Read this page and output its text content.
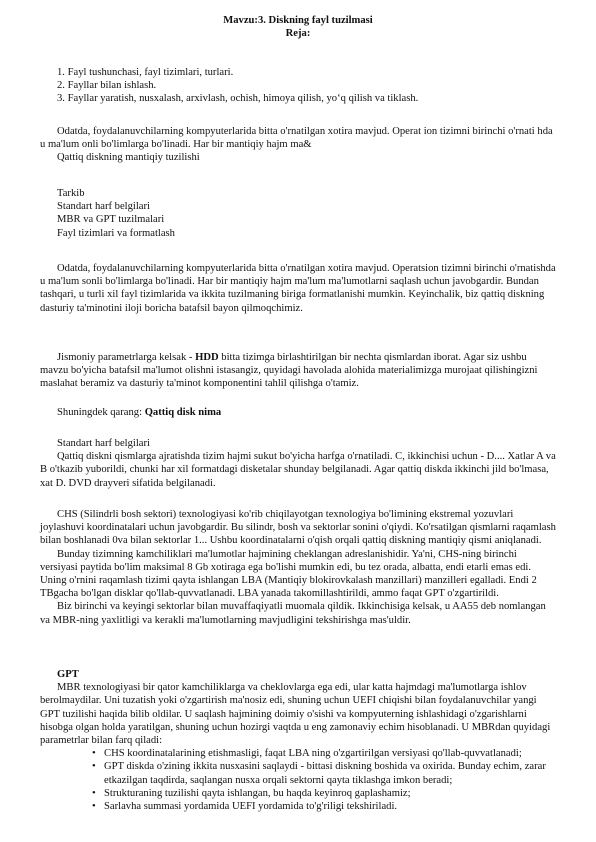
Mavzu:3. Diskning fayl tuzilmasi
Reja:

1. Fayl tushunchasi, fayl tizimlari, turlari.

2. Fayllar bilan ishlash.

3. Fayllar yaratish, nusxalash, arxivlash, ochish, himoya qilish, yo‘q qilish va tiklash.

Odatda, foydalanuvchilarning kompyuterlarida bitta o'rnatilgan xotira mavjud. Operat ion tizimni birinchi o'rnati hda u ma'lum onli bo'limlarga bo'linadi. Har bir mantiqiy hajm ma&

Qattiq diskning mantiqiy tuzilishi

Tarkib

Standart harf belgilari

MBR va GPT tuzilmalari

Fayl tizimlari va formatlash

Odatda, foydalanuvchilarning kompyuterlarida bitta o'rnatilgan xotira mavjud. Operatsion tizimni birinchi o'rnatishda u ma'lum sonli bo'limlarga bo'linadi. Har bir mantiqiy hajm ma'lum ma'lumotlarni saqlash uchun javobgardir. Bundan tashqari, u turli xil fayl tizimlarida va ikkita tuzilmaning biriga formatlanishi mumkin. Keyinchalik, biz qattiq diskning dasturiy ta'minotini iloji boricha batafsil bayon qilmoqchimiz.
Jismoniy parametrlarga kelsak - HDD bitta tizimga birlashtirilgan bir nechta qismlardan iborat. Agar siz ushbu mavzu bo'yicha batafsil ma'lumot olishni istasangiz, quyidagi havolada alohida materialimizga murojaat qilishingizni maslahat beramiz va dasturiy ta'minot komponentini tahlil qilishga o'tamiz.
Shuningdek qarang: Qattiq disk nima

Standart harf belgilari

Qattiq diskni qismlarga ajratishda tizim hajmi sukut bo'yicha harfga o'rnatiladi. C, ikkinchisi uchun - D.... Xatlar A va B o'tkazib yuborildi, chunki har xil formatdagi disketalar shunday belgilanadi. Agar qattiq diskda ikkinchi jild bo'lmasa, xat D. DVD drayveri sifatida belgilanadi.

CHS (Silindrli bosh sektori) texnologiyasi ko'rib chiqilayotgan texnologiya bo'limining ekstremal yozuvlari joylashuvi koordinatalari uchun javobgardir. Bu silindr, bosh va sektorlar sonini o'qiydi. Ko'rsatilgan qismlarni raqamlash bilan boshlanadi 0va bilan sektorlar 1... Ushbu koordinatalarni o'qish orqali qattiq diskning mantiqiy qismi aniqlanadi.

Bunday tizimning kamchiliklari ma'lumotlar hajmining cheklangan adreslanishidir. Ya'ni, CHS-ning birinchi versiyasi paytida bo'lim maksimal 8 Gb xotiraga ega bo'lishi mumkin edi, bu tez orada, albatta, endi etarli emas edi. Uning o'rnini raqamlash tizimi qayta ishlangan LBA (Mantiqiy blokirovkalash manzillari) manzilleri egalladi. Endi 2 TBgacha bo'lgan disklar qo'llab-quvvatlanadi. LBA yanada takomillashtirildi, ammo faqat GPT o'zgartirildi.

Biz birinchi va keyingi sektorlar bilan muvaffaqiyatli muomala qildik. Ikkinchisiga kelsak, u AA55 deb nomlangan va MBR-ning yaxlitligi va kerakli ma'lumotlarning mavjudligini tekshirishga mas'uldir.

GPT

MBR texnologiyasi bir qator kamchiliklarga va cheklovlarga ega edi, ular katta hajmdagi ma'lumotlarga ishlov berolmaydilar. Uni tuzatish yoki o'zgartirish ma'nosiz edi, shuning uchun UEFI chiqishi bilan foydalanuvchilar yangi GPT tuzilishi haqida bilib oldilar. U saqlash hajmining doimiy o'sishi va kompyuterning ishlashidagi o'zgarishlarni hisobga olgan holda yaratilgan, shuning uchun hozirgi vaqtda u eng zamonaviy echim hisoblanadi. U MBRdan quyidagi parametrlar bilan farq qiladi:

• CHS koordinatalarining etishmasligi, faqat LBA ning o'zgartirilgan versiyasi qo'llab-quvvatlanadi;
• GPT diskda o'zining ikkita nusxasini saqlaydi - bittasi diskning boshida va oxirida. Bunday echim, zarar etkazilgan taqdirda, saqlangan nusxa orqali sektorni qayta tiklashga imkon beradi;
• Strukturaning tuzilishi qayta ishlangan, bu haqda keyinroq gaplashamiz;
• Sarlavha summasi yordamida UEFI yordamida to'g'riligi tekshiriladi.
